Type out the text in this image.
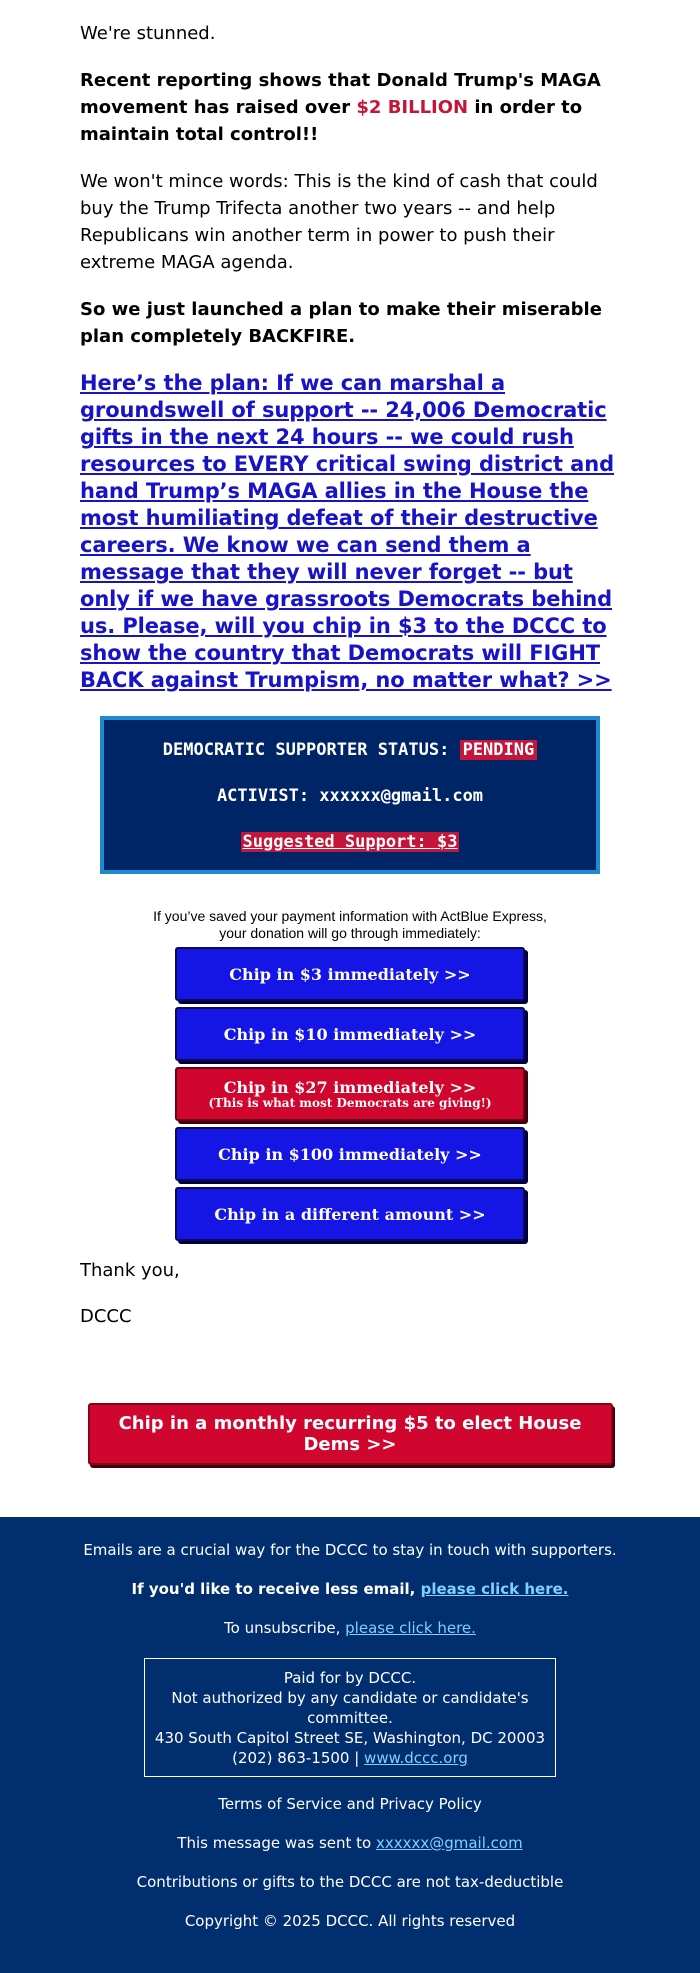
We're stunned.
Recent reporting shows that Donald Trump's MAGA movement has raised over $2 BILLION in order to maintain total control!!
We won't mince words: This is the kind of cash that could buy the Trump Trifecta another two years -- and help Republicans win another term in power to push their extreme MAGA agenda.
So we just launched a plan to make their miserable plan completely BACKFIRE.
Here’s the plan: If we can marshal a groundswell of support -- 24,006 Democratic gifts in the next 24 hours -- we could rush resources to EVERY critical swing district and hand Trump’s MAGA allies in the House the most humiliating defeat of their destructive careers. We know we can send them a message that they will never forget -- but only if we have grassroots Democrats behind us. Please, will you chip in $3 to the DCCC to show the country that Democrats will FIGHT BACK against Trumpism, no matter what? >>
DEMOCRATIC SUPPORTER STATUS: PENDING
ACTIVIST: xxxxxx@gmail.com
Suggested Support: $3
If you’ve saved your payment information with ActBlue Express,
your donation will go through immediately:
Chip in $3 immediately >>
Chip in $10 immediately >>
Chip in $27 immediately >>
(This is what most Democrats are giving!)
Chip in $100 immediately >>
Chip in a different amount >>
Thank you,
DCCC
Chip in a monthly recurring $5 to elect House Dems >>
Emails are a crucial way for the DCCC to stay in touch with supporters.
If you'd like to receive less email, please click here.
To unsubscribe, please click here.
Paid for by DCCC.
Not authorized by any candidate or candidate's committee.
430 South Capitol Street SE, Washington, DC 20003
(202) 863-1500 | www.dccc.org
Terms of Service and Privacy Policy
This message was sent to xxxxxx@gmail.com
Contributions or gifts to the DCCC are not tax-deductible
Copyright © 2025 DCCC. All rights reserved
